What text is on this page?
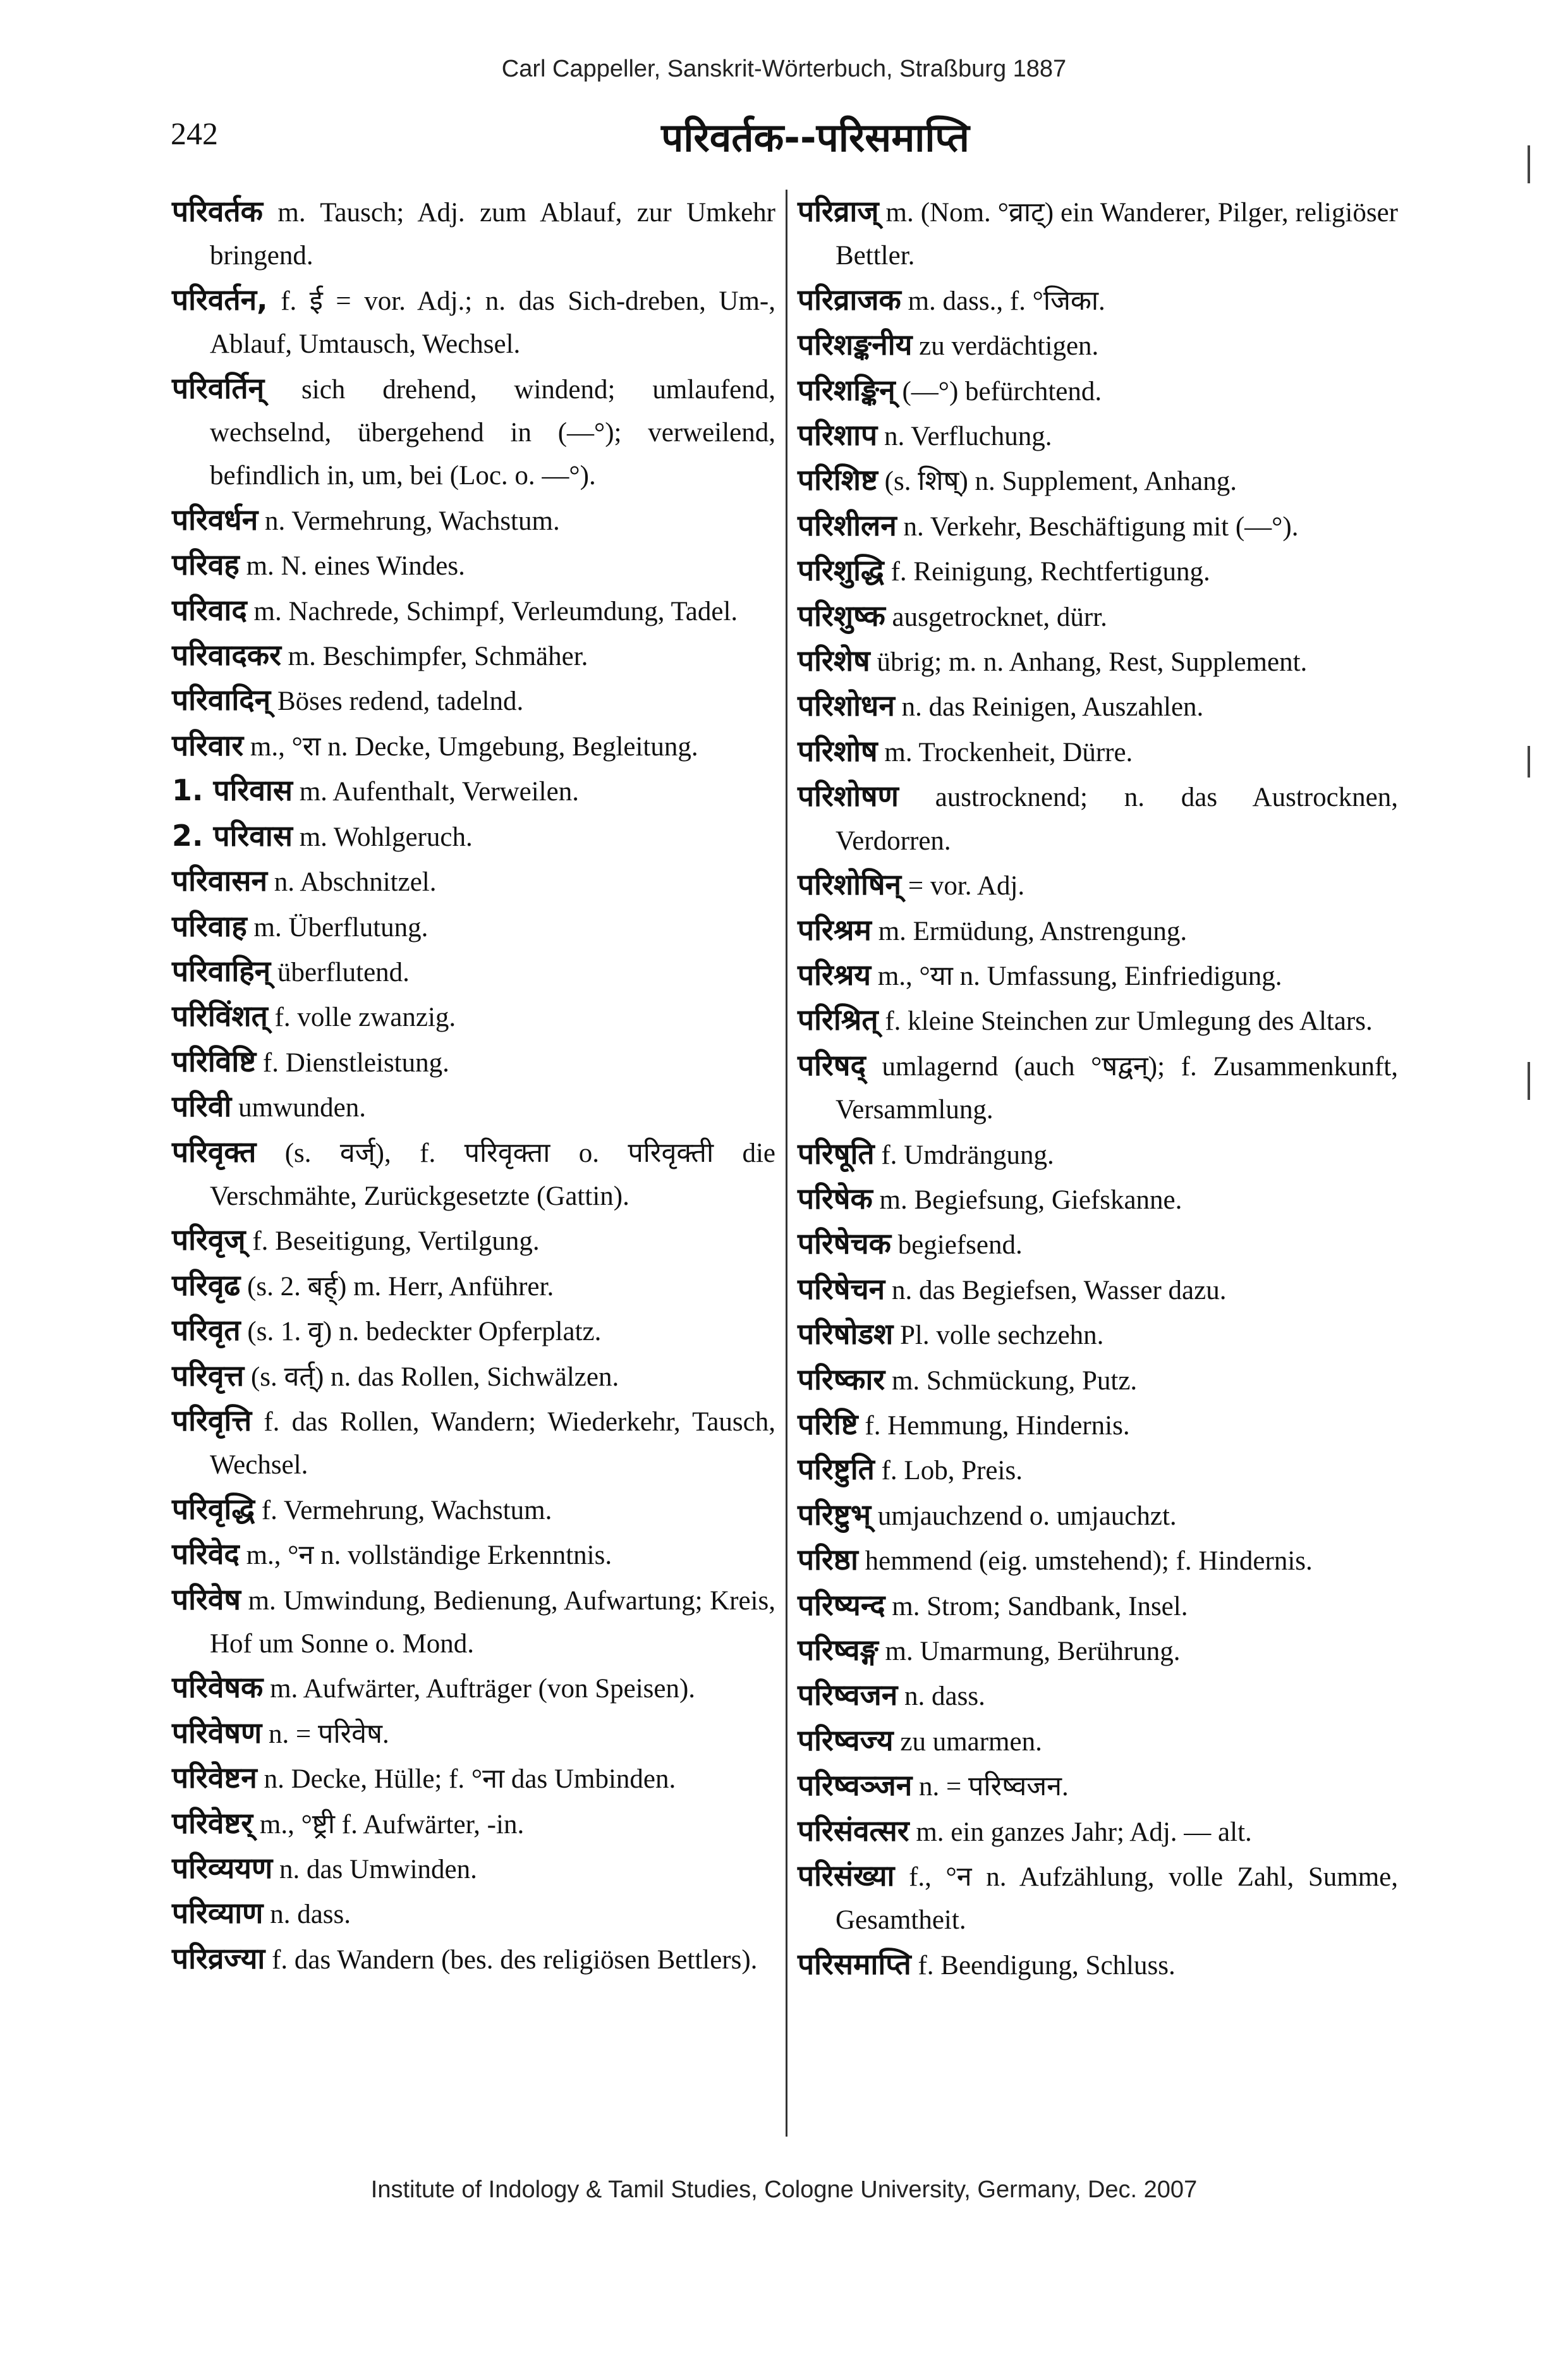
Carl Cappeller, Sanskrit-Wörterbuch, Straßburg 1887
242	परिवर्तक--परिसमाप्ति
परिवर्तक m. Tausch; Adj. zum Ablauf, zur Umkehr bringend.
परिवर्तन, f. ई = vor. Adj.; n. das Sich-dreben, Um-, Ablauf, Umtausch, Wechsel.
परिवर्तिन् sich drehend, windend; umlaufend, wechselnd, übergehend in (—°); verweilend, befindlich in, um, bei (Loc. o. —°).
परिवर्धन n. Vermehrung, Wachstum.
परिवह m. N. eines Windes.
परिवाद m. Nachrede, Schimpf, Verleumdung, Tadel.
परिवादकर m. Beschimpfer, Schmäher.
परिवादिन् Böses redend, tadelnd.
परिवार m., °रा n. Decke, Umgebung, Begleitung.
1. परिवास m. Aufenthalt, Verweilen.
2. परिवास m. Wohlgeruch.
परिवासन n. Abschnitzel.
परिवाह m. Überflutung.
परिवाहिन् überflutend.
परिविंशत् f. volle zwanzig.
परिविष्टि f. Dienstleistung.
परिवी umwunden.
परिवृक्त (s. वर्ज्), f. परिवृक्ता o. परिवृक्ती die Verschmähte, Zurückgesetzte (Gattin).
परिवृज् f. Beseitigung, Vertilgung.
परिवृढ (s. 2. बर्ह्) m. Herr, Anführer.
परिवृत (s. 1. वृ) n. bedeckter Opferplatz.
परिवृत्त (s. वर्त्) n. das Rollen, Sichwälzen.
परिवृत्ति f. das Rollen, Wandern; Wiederkehr, Tausch, Wechsel.
परिवृद्धि f. Vermehrung, Wachstum.
परिवेद m., °न n. vollständige Erkenntnis.
परिवेष m. Umwindung, Bedienung, Aufwartung; Kreis, Hof um Sonne o. Mond.
परिवेषक m. Aufwärter, Aufträger (von Speisen).
परिवेषण n. = परिवेष.
परिवेष्टन n. Decke, Hülle; f. °ना das Umbinden.
परिवेष्टर् m., °ष्ट्री f. Aufwärter, -in.
परिव्ययण n. das Umwinden.
परिव्याण n. dass.
परिव्रज्या f. das Wandern (bes. des religiösen Bettlers).
परिव्राज् m. (Nom. °व्राट्) ein Wanderer, Pilger, religiöser Bettler.
परिव्राजक m. dass., f. °जिका.
परिशङ्कनीय zu verdächtigen.
परिशङ्किन् (—°) befürchtend.
परिशाप n. Verfluchung.
परिशिष्ट (s. शिष्) n. Supplement, Anhang.
परिशीलन n. Verkehr, Beschäftigung mit (—°).
परिशुद्धि f. Reinigung, Rechtfertigung.
परिशुष्क ausgetrocknet, dürr.
परिशेष übrig; m. n. Anhang, Rest, Supplement.
परिशोधन n. das Reinigen, Auszahlen.
परिशोष m. Trockenheit, Dürre.
परिशोषण austrocknend; n. das Austrocknen, Verdorren.
परिशोषिन् = vor. Adj.
परिश्रम m. Ermüdung, Anstrengung.
परिश्रय m., °या n. Umfassung, Einfriedigung.
परिश्रित् f. kleine Steinchen zur Umlegung des Altars.
परिषद् umlagernd (auch °षद्वन्); f. Zusammenkunft, Versammlung.
परिषूति f. Umdrängung.
परिषेक m. Begiefsung, Giefskanne.
परिषेचक begiefsend.
परिषेचन n. das Begiefsen, Wasser dazu.
परिषोडश Pl. volle sechzehn.
परिष्कार m. Schmückung, Putz.
परिष्टि f. Hemmung, Hindernis.
परिष्टुति f. Lob, Preis.
परिष्टुभ् umjauchzend o. umjauchzt.
परिष्ठा hemmend (eig. umstehend); f. Hindernis.
परिष्यन्द m. Strom; Sandbank, Insel.
परिष्वङ्ग m. Umarmung, Berührung.
परिष्वजन n. dass.
परिष्वज्य zu umarmen.
परिष्वञ्जन n. = परिष्वजन.
परिसंवत्सर m. ein ganzes Jahr; Adj. — alt.
परिसंख्या f., °न n. Aufzählung, volle Zahl, Summe, Gesamtheit.
परिसमाप्ति f. Beendigung, Schluss.
Institute of Indology & Tamil Studies, Cologne University, Germany, Dec. 2007
